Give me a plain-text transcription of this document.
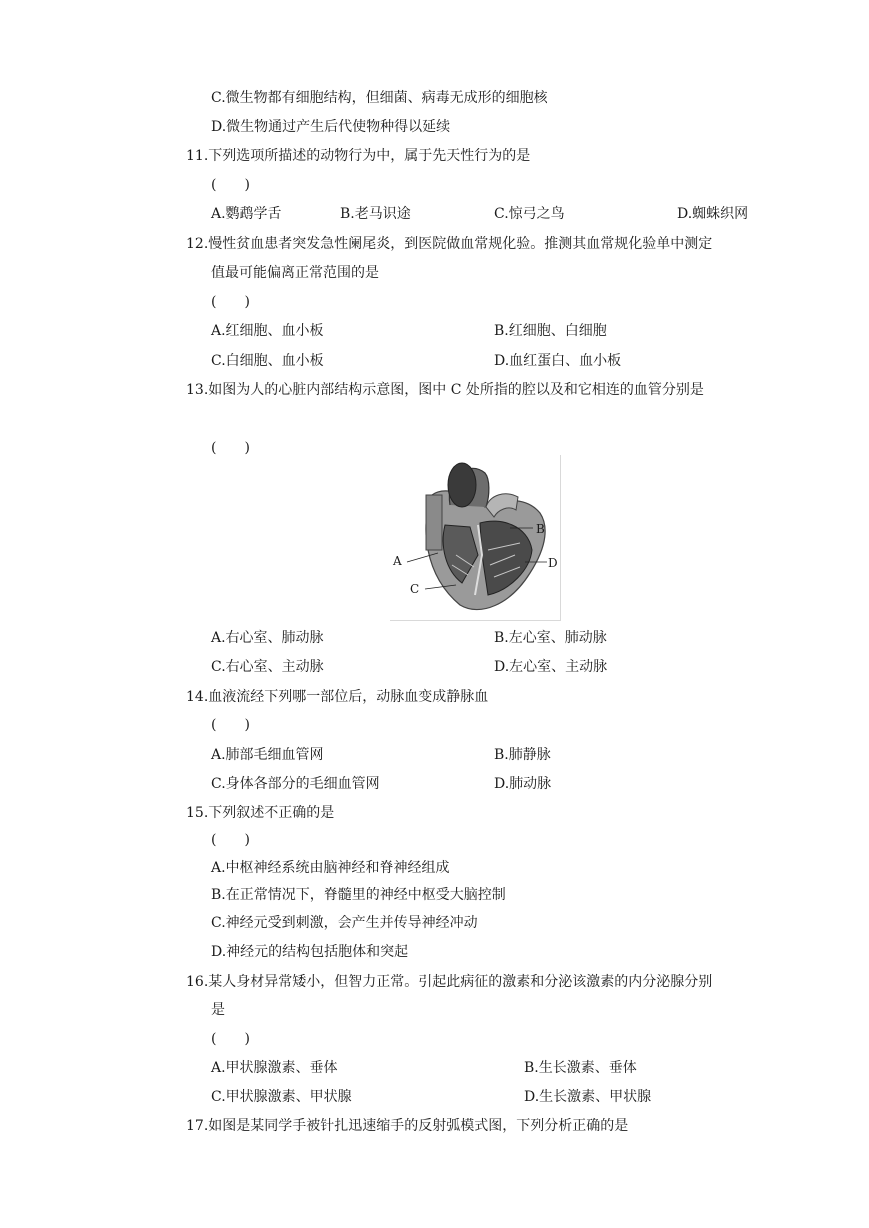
C.微生物都有细胞结构，但细菌、病毒无成形的细胞核
D.微生物通过产生后代使物种得以延续
11.下列选项所描述的动物行为中，属于先天性行为的是
(　　)
A.鹦鹉学舌	B.老马识途	C.惊弓之鸟	D.蜘蛛织网
12.慢性贫血患者突发急性阑尾炎，到医院做血常规化验。推测其血常规化验单中测定
值最可能偏离正常范围的是
(　　)
A.红细胞、血小板	B.红细胞、白细胞
C.白细胞、血小板	D.血红蛋白、血小板
13.如图为人的心脏内部结构示意图，图中 C 处所指的腔以及和它相连的血管分别是
(　　)
A
B
C
D
A.右心室、肺动脉	B.左心室、肺动脉
C.右心室、主动脉	D.左心室、主动脉
14.血液流经下列哪一部位后，动脉血变成静脉血
(　　)
A.肺部毛细血管网	B.肺静脉
C.身体各部分的毛细血管网	D.肺动脉
15.下列叙述不正确的是
(　　)
A.中枢神经系统由脑神经和脊神经组成
B.在正常情况下，脊髓里的神经中枢受大脑控制
C.神经元受到刺激，会产生并传导神经冲动
D.神经元的结构包括胞体和突起
16.某人身材异常矮小，但智力正常。引起此病征的激素和分泌该激素的内分泌腺分别
是
(　　)
A.甲状腺激素、垂体	B.生长激素、垂体
C.甲状腺激素、甲状腺	D.生长激素、甲状腺
17.如图是某同学手被针扎迅速缩手的反射弧模式图，下列分析正确的是
